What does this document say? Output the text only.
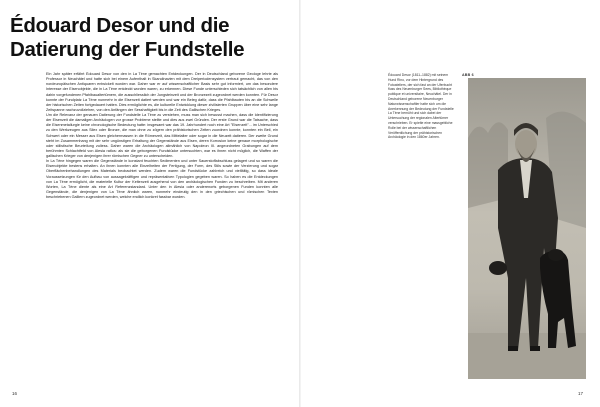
Édouard Desor und die Datierung der Fundstelle

Ein Jahr später erfährt Édouard Desor von den in La Tène gemachten Entdeckungen. Der in Deutschland geborene Geologe lehrte als Professor in Neuchâtel und hatte sich bei einem Aufenthalt in Skandinavien mit dem Dreiperiodensystem vertraut gemacht, das von den nordeuropäischen Antiquaren entwickelt worden war. Daher war er auf wissenschaftlicher Basis sehr gut informiert, um das besondere Interesse der Eisenobjekte, die in La Tène entdeckt worden waren, zu erkennen. Diese Funde unterschieden sich tatsächlich von allen bis dahin vorgefundenen Pfahlbaualtertümern, die ausschliesslich der Jungsteinzeit und der Bronzezeit zugeordnet werden konnten. Für Desor konnte der Fundplatz La Tène nunmehr in die Eisenzeit datiert werden und war ein Beleg dafür, dass die Pfahlbauten bis an die Schwelle der historischen Zeiten fortgedauert hatten. Dies ermöglichte es, die kulturelle Entwicklung dieser zivilisierten Gruppen über eine sehr lange Zeitspanne nachzuvollziehen, von den Anfängen der Sesshaftigkeit bis in die Zeit des Gallischen Krieges.

Um die Relevanz der genauen Datierung der Fundstelle La Tène zu verstehen, muss man sich bewusst machen, dass die Identifizierung der Eisenzeit die damaligen Archäologen vor grosse Probleme stellte und dies aus zwei Gründen. Der erste Grund war die Tatsache, dass die Eisenmetallurgie keine chronologische Bedeutung hatte: insgesamt war das 19. Jahrhundert noch eine Art "Eisenzeit"... im Unterschied zu den Werkzeugen aus Silex oder Bronze, die man ohne zu zögern den prähistorischen Zeiten zuordnen konnte, konnten ein Beil, ein Schwert oder ein Messer aus Eisen gleichermassen in die Römerzeit, das Mittelalter oder sogar in die Neuzeit datieren. Der zweite Grund steht im Zusammenhang mit der sehr ungünstigen Erhaltung der Gegenstände aus Eisen, deren Korrosion keine genaue morphologische oder stilistische Beurteilung zuliess. Daher waren die Archäologen allmählich von Napoleon III. angeordneten Grabungen auf dem berühmten Schlachtfeld von Alesia ratlos: als sie die geborgenen Fundstücke untersuchten, war es ihnen nicht möglich, die Waffen der gallischen Krieger von denjenigen ihrer römischen Gegner zu unterscheiden.

In La Tène hingegen waren die Gegenstände in konstant feuchten Sedimenten und unter Sauerstoffabschluss gelagert und so waren die Eisenobjekte bestens erhalten. An ihnen konnten alle Einzelheiten der Fertigung, der Form, des Stils sowie der Verzierung und sogar Oberflächenbehandlungen des Materials beobachtet werden. Zudem waren die Fundstücke zahlreich und vielfältig, so dass ideale Voraussetzungen für den Aufbau von aussagekräftigen und repräsentativen Typologien gegeben waren. So haben es die Entdeckungen von La Tène ermöglicht, die materielle Kultur der Keltenzeit ausgehend von den archäologischen Funden zu beschreiben. Mit anderen Worten, La Tène diente als eine Art Referenzstandard. Unter den in Alesia oder anderenorts geborgenen Funden konnten alle Gegenstände, die denjenigen von La Tène ähnlich waren, nunmehr eindeutig den in den griechischen und römischen Texten beschriebenen Galliern zugeordnet werden, welche endlich konkret fassbar wurden.

16
Édouard Desor (1811–1882) mit seinem Hund Rino, vor dem Hintergrund des Fotoateliers, der sich fast an der Uferbucht fluss des Neuenburger Sees, Bibliothèque publique et universitaire, Neuchâtel. Der in Deutschland geborene Neuenburger Naturwissenschaftler hatte sich um die Anerkennung der Bedeutung der Fundstelle La Tène bemüht und sich dabei der Untersuchung der regionalen Altertümer verschrieben. Er spielte eine massgebliche Rolle bei der wissenschaftlichen Veröffentlichung der prähistorischen Archäologie in den 1860er Jahren.
ABB 6
17
